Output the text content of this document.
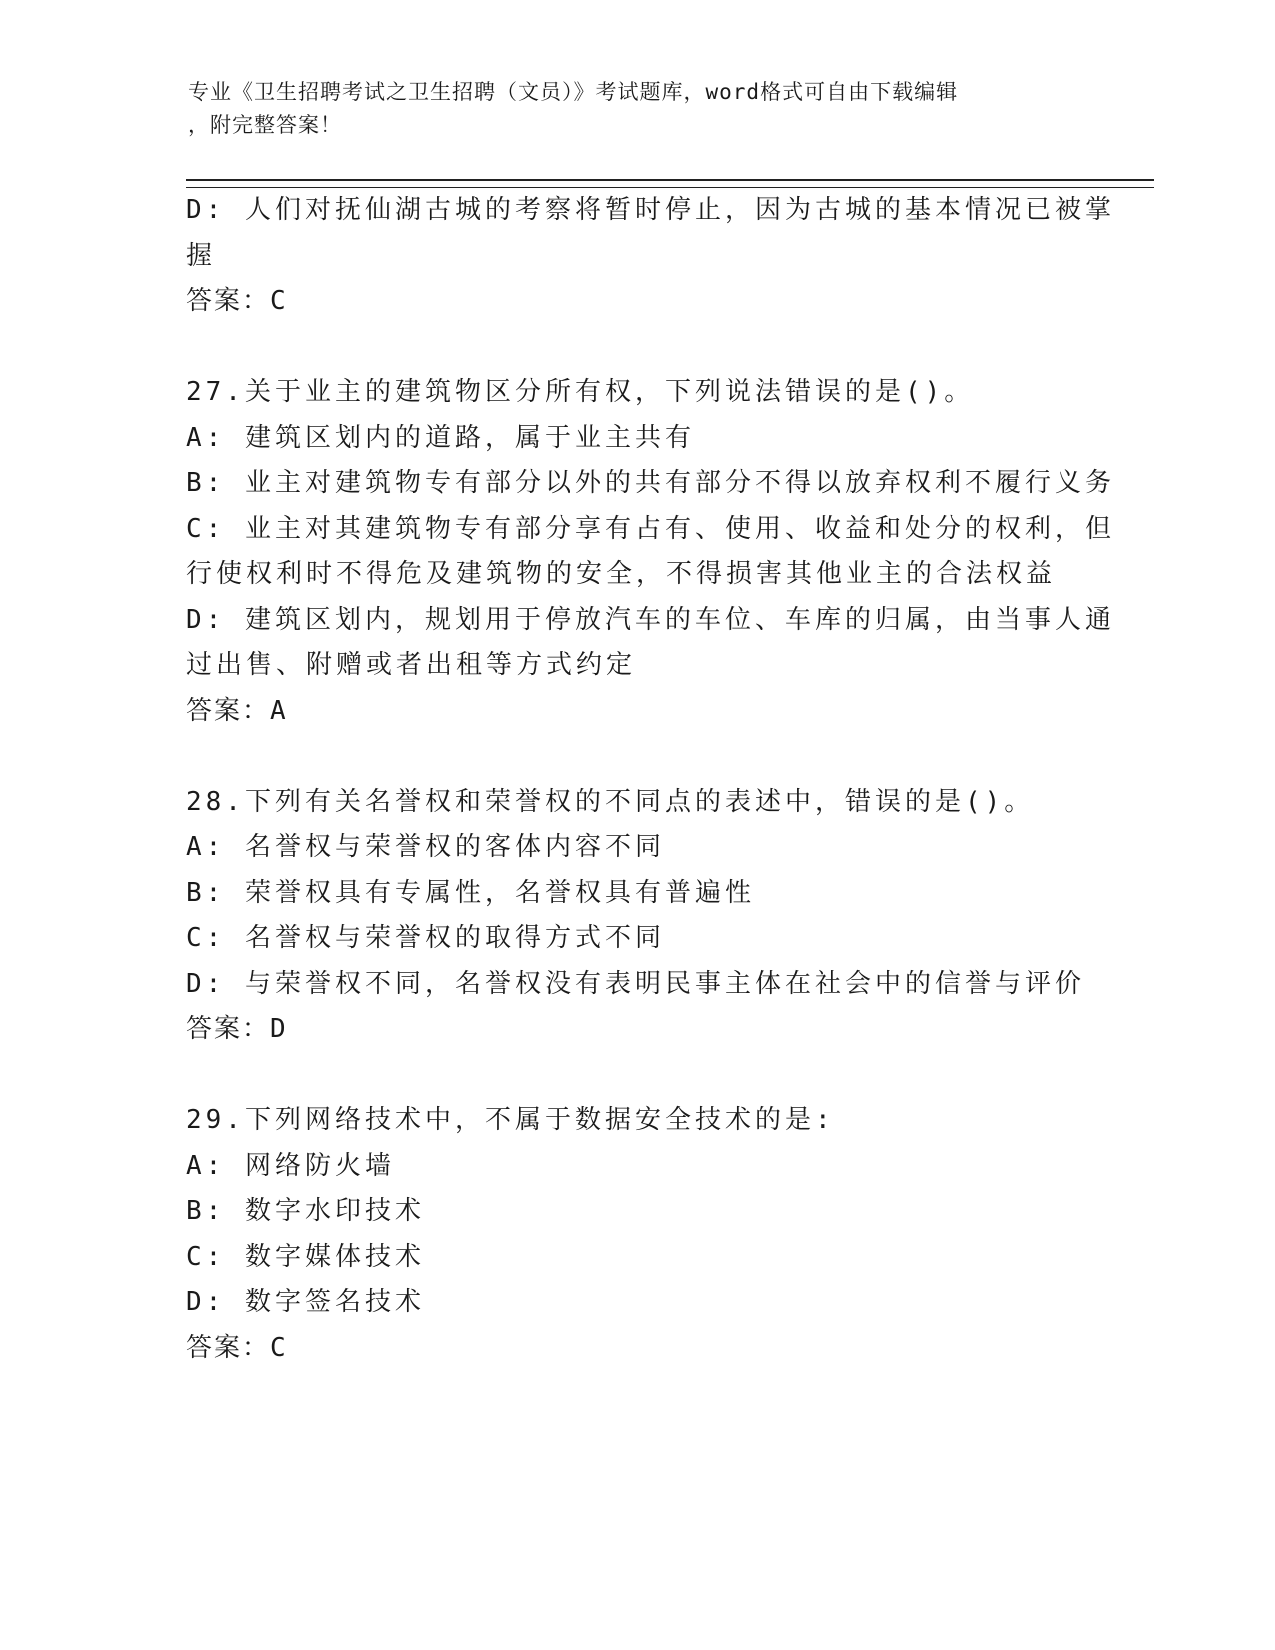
专业《卫生招聘考试之卫生招聘（文员）》考试题库，word格式可自由下载编辑
，附完整答案！
D: 人们对抚仙湖古城的考察将暂时停止，因为古城的基本情况已被掌
握
答案：C
27.关于业主的建筑物区分所有权，下列说法错误的是()。
A: 建筑区划内的道路，属于业主共有
B: 业主对建筑物专有部分以外的共有部分不得以放弃权利不履行义务
C: 业主对其建筑物专有部分享有占有、使用、收益和处分的权利，但
行使权利时不得危及建筑物的安全，不得损害其他业主的合法权益
D: 建筑区划内，规划用于停放汽车的车位、车库的归属，由当事人通
过出售、附赠或者出租等方式约定
答案：A
28.下列有关名誉权和荣誉权的不同点的表述中，错误的是()。
A: 名誉权与荣誉权的客体内容不同
B: 荣誉权具有专属性，名誉权具有普遍性
C: 名誉权与荣誉权的取得方式不同
D: 与荣誉权不同，名誉权没有表明民事主体在社会中的信誉与评价
答案：D
29.下列网络技术中，不属于数据安全技术的是:
A: 网络防火墙
B: 数字水印技术
C: 数字媒体技术
D: 数字签名技术
答案：C
